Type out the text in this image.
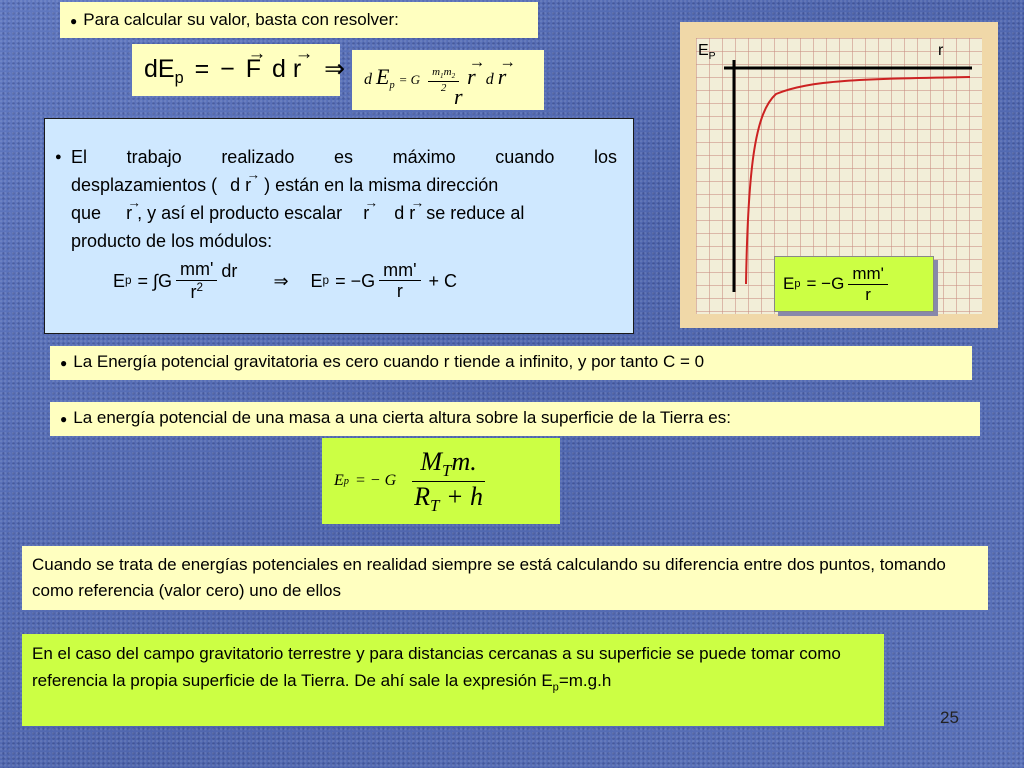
● Para calcular su valor, basta con resolver:
$dE_p$ = − → F d → r ⇒ d $E_p = G \frac{m_1m_2}{2}$
→ r d → r
r
● El trabajo realizado es máximo cuando los
desplazamientos ( d → r ) están en la misma dirección
que → r , y así el producto escalar → r d → r se reduce al
producto de los módulos:
E $p = \int G \frac{mm'}{r^2}$ dr ⇒ E $p = -G \frac{mm'}{r} + C$
$E_P$	r
E $p = -G \frac{mm'}{r}$
● La Energía potencial gravitatoria es cero cuando r tiende a infinito, y por tanto C = 0
● La energía potencial de una masa a una cierta altura sobre la superficie de la Tierra es:
E p = − G $\frac{M_Tm.}{R_T + h}$
Cuando se trata de energías potenciales en realidad siempre se está calculando su diferencia entre dos puntos, tomando como referencia (valor cero) uno de ellos
En el caso del campo gravitatorio terrestre y para distancias cercanas a su superficie se puede tomar como referencia la propia superficie de la Tierra. De ahí sale la expresión $E_p=m.g.h$
25
